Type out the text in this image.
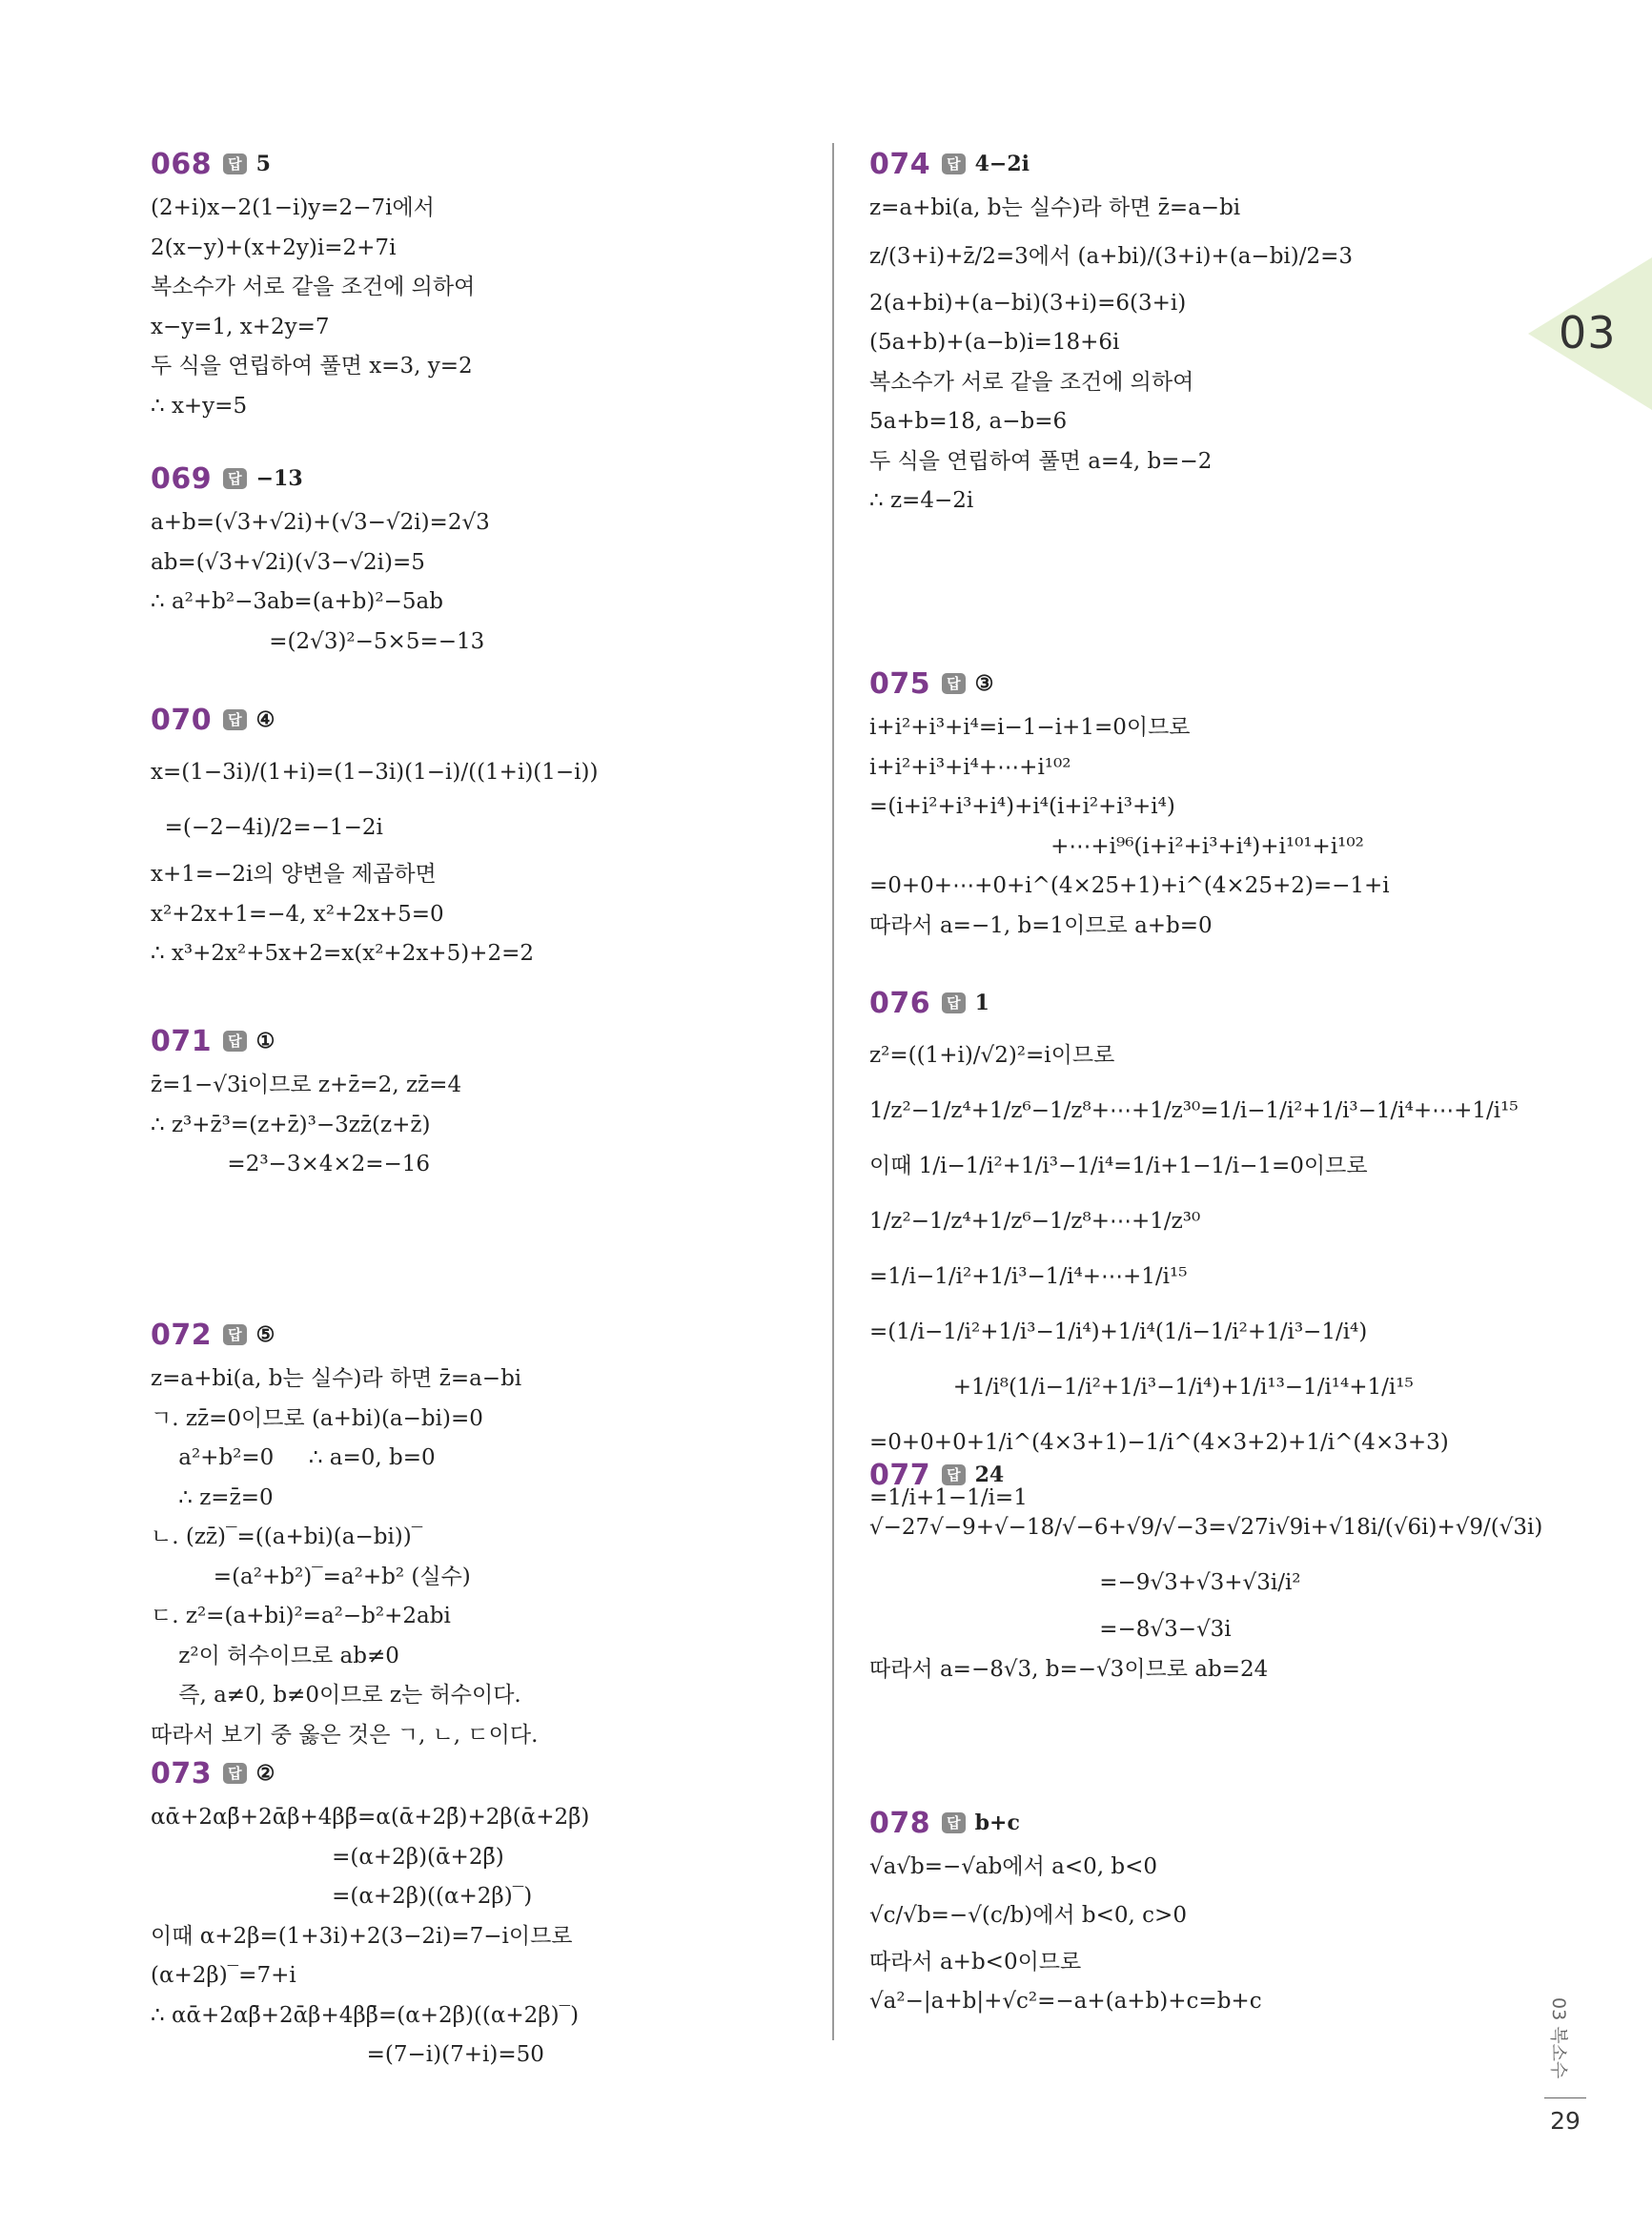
03
068	답 5
(2+i)x−2(1−i)y=2−7i에서
2(x−y)+(x+2y)i=2+7i
복소수가 서로 같을 조건에 의하여
x−y=1, x+2y=7
두 식을 연립하여 풀면 x=3, y=2
∴ x+y=5
069	답 −13
a+b=(√3+√2i)+(√3−√2i)=2√3
ab=(√3+√2i)(√3−√2i)=5
∴ a²+b²−3ab=(a+b)²−5ab
=(2√3)²−5×5=−13
070	답 ④
x=(1−3i)/(1+i)=(1−3i)(1−i)/((1+i)(1−i))
=(−2−4i)/2=−1−2i
x+1=−2i의 양변을 제곱하면
x²+2x+1=−4, x²+2x+5=0
∴ x³+2x²+5x+2=x(x²+2x+5)+2=2
071	답 ①
z̄=1−√3i이므로 z+z̄=2, zz̄=4
∴ z³+z̄³=(z+z̄)³−3zz̄(z+z̄)
=2³−3×4×2=−16
072	답 ⑤
z=a+bi(a, b는 실수)라 하면 z̄=a−bi
ㄱ. zz̄=0이므로 (a+bi)(a−bi)=0
a²+b²=0     ∴ a=0, b=0
∴ z=z̄=0
ㄴ. (zz̄)‾=((a+bi)(a−bi))‾
=(a²+b²)‾=a²+b² (실수)
ㄷ. z²=(a+bi)²=a²−b²+2abi
z²이 허수이므로 ab≠0
즉, a≠0, b≠0이므로 z는 허수이다.
따라서 보기 중 옳은 것은 ㄱ, ㄴ, ㄷ이다.
073	답 ②
αᾱ+2αβ̄+2ᾱβ+4ββ̄=α(ᾱ+2β̄)+2β(ᾱ+2β̄)
=(α+2β)(ᾱ+2β̄)
=(α+2β)((α+2β)‾)
이때 α+2β=(1+3i)+2(3−2i)=7−i이므로
(α+2β)‾=7+i
∴ αᾱ+2αβ̄+2ᾱβ+4ββ̄=(α+2β)((α+2β)‾)
=(7−i)(7+i)=50
074	답 4−2i
z=a+bi(a, b는 실수)라 하면 z̄=a−bi
z/(3+i)+z̄/2=3에서 (a+bi)/(3+i)+(a−bi)/2=3
2(a+bi)+(a−bi)(3+i)=6(3+i)
(5a+b)+(a−b)i=18+6i
복소수가 서로 같을 조건에 의하여
5a+b=18, a−b=6
두 식을 연립하여 풀면 a=4, b=−2
∴ z=4−2i
075	답 ③
i+i²+i³+i⁴=i−1−i+1=0이므로
i+i²+i³+i⁴+⋯+i¹⁰²
=(i+i²+i³+i⁴)+i⁴(i+i²+i³+i⁴)
+⋯+i⁹⁶(i+i²+i³+i⁴)+i¹⁰¹+i¹⁰²
=0+0+⋯+0+i^(4×25+1)+i^(4×25+2)=−1+i
따라서 a=−1, b=1이므로 a+b=0
076	답 1
z²=((1+i)/√2)²=i이므로
1/z²−1/z⁴+1/z⁶−1/z⁸+⋯+1/z³⁰=1/i−1/i²+1/i³−1/i⁴+⋯+1/i¹⁵
이때 1/i−1/i²+1/i³−1/i⁴=1/i+1−1/i−1=0이므로
1/z²−1/z⁴+1/z⁶−1/z⁸+⋯+1/z³⁰
=1/i−1/i²+1/i³−1/i⁴+⋯+1/i¹⁵
=(1/i−1/i²+1/i³−1/i⁴)+1/i⁴(1/i−1/i²+1/i³−1/i⁴)
+1/i⁸(1/i−1/i²+1/i³−1/i⁴)+1/i¹³−1/i¹⁴+1/i¹⁵
=0+0+0+1/i^(4×3+1)−1/i^(4×3+2)+1/i^(4×3+3)
=1/i+1−1/i=1
077	답 24
√−27√−9+√−18/√−6+√9/√−3=√27i√9i+√18i/(√6i)+√9/(√3i)
=−9√3+√3+√3i/i²
=−8√3−√3i
따라서 a=−8√3, b=−√3이므로 ab=24
078	답 b+c
√a√b=−√ab에서 a<0, b<0
√c/√b=−√(c/b)에서 b<0, c>0
따라서 a+b<0이므로
√a²−|a+b|+√c²=−a+(a+b)+c=b+c	03 복소수
29
